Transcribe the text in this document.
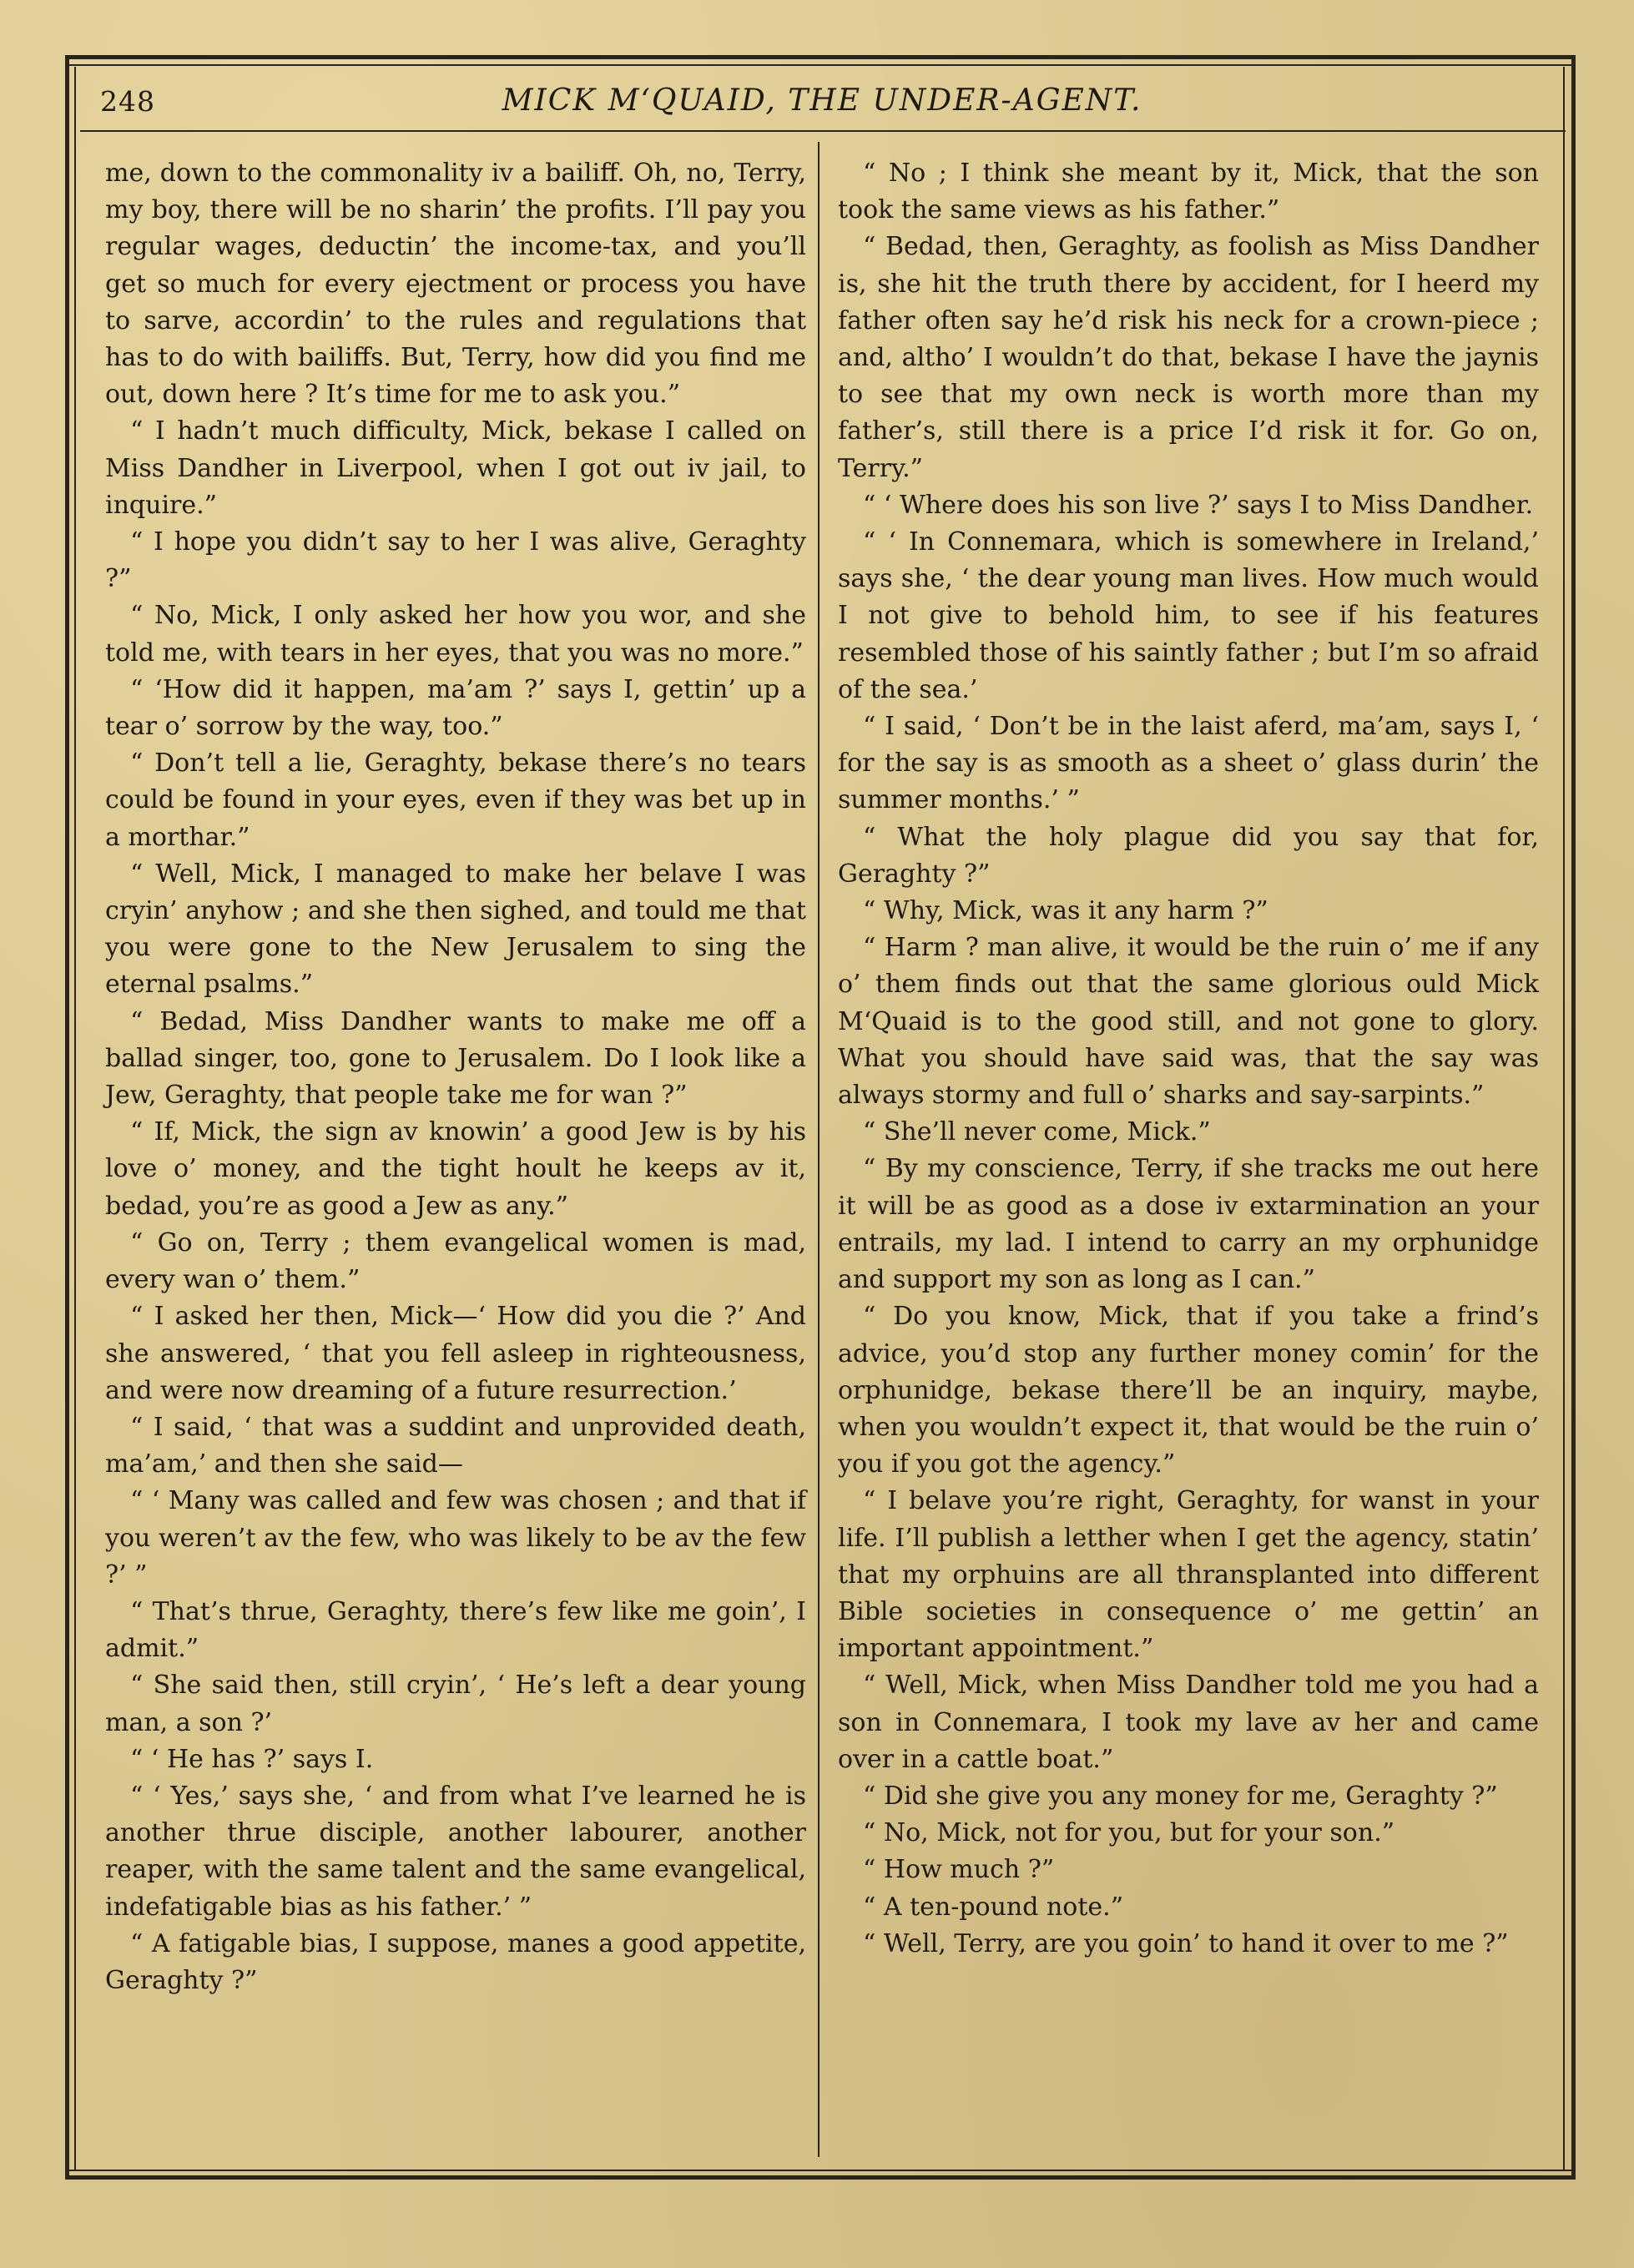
248	MICK M‘QUAID, THE UNDER-AGENT.

me, down to the commonality iv a bailiff. Oh, no, Terry, my boy, there will be no sharin’ the profits. I’ll pay you regular wages, deductin’ the income-tax, and you’ll get so much for every ejectment or process you have to sarve, accordin’ to the rules and regulations that has to do with bailiffs. But, Terry, how did you find me out, down here ? It’s time for me to ask you.”

“ I hadn’t much difficulty, Mick, bekase I called on Miss Dandher in Liverpool, when I got out iv jail, to inquire.”

“ I hope you didn’t say to her I was alive, Geraghty ?”

“ No, Mick, I only asked her how you wor, and she told me, with tears in her eyes, that you was no more.”

“ ‘How did it happen, ma’am ?’ says I, gettin’ up a tear o’ sorrow by the way, too.”

“ Don’t tell a lie, Geraghty, bekase there’s no tears could be found in your eyes, even if they was bet up in a morthar.”

“ Well, Mick, I managed to make her belave I was cryin’ anyhow ; and she then sighed, and tould me that you were gone to the New Jerusalem to sing the eternal psalms.”

“ Bedad, Miss Dandher wants to make me off a ballad singer, too, gone to Jerusalem. Do I look like a Jew, Geraghty, that people take me for wan ?”

“ If, Mick, the sign av knowin’ a good Jew is by his love o’ money, and the tight hoult he keeps av it, bedad, you’re as good a Jew as any.”

“ Go on, Terry ; them evangelical women is mad, every wan o’ them.”

“ I asked her then, Mick—‘ How did you die ?’ And she answered, ‘ that you fell asleep in righteousness, and were now dreaming of a future resurrection.’

“ I said, ‘ that was a suddint and unprovided death, ma’am,’ and then she said—

“ ‘ Many was called and few was chosen ; and that if you weren’t av the few, who was likely to be av the few ?’ ”

“ That’s thrue, Geraghty, there’s few like me goin’, I admit.”

“ She said then, still cryin’, ‘ He’s left a dear young man, a son ?’

“ ‘ He has ?’ says I.

“ ‘ Yes,’ says she, ‘ and from what I’ve learned he is another thrue disciple, another labourer, another reaper, with the same talent and the same evangelical, indefatigable bias as his father.’ ”

“ A fatigable bias, I suppose, manes a good appetite, Geraghty ?”

“ No ; I think she meant by it, Mick, that the son took the same views as his father.”

“ Bedad, then, Geraghty, as foolish as Miss Dandher is, she hit the truth there by accident, for I heerd my father often say he’d risk his neck for a crown-piece ; and, altho’ I wouldn’t do that, bekase I have the jaynis to see that my own neck is worth more than my father’s, still there is a price I’d risk it for. Go on, Terry.”

“ ‘ Where does his son live ?’ says I to Miss Dandher.

“ ‘ In Connemara, which is somewhere in Ireland,’ says she, ‘ the dear young man lives. How much would I not give to behold him, to see if his features resembled those of his saintly father ; but I’m so afraid of the sea.’

“ I said, ‘ Don’t be in the laist aferd, ma’am, says I, ‘ for the say is as smooth as a sheet o’ glass durin’ the summer months.’ ”

“ What the holy plague did you say that for, Geraghty ?”

“ Why, Mick, was it any harm ?”

“ Harm ? man alive, it would be the ruin o’ me if any o’ them finds out that the same glorious ould Mick M‘Quaid is to the good still, and not gone to glory. What you should have said was, that the say was always stormy and full o’ sharks and say-sarpints.”

“ She’ll never come, Mick.”

“ By my conscience, Terry, if she tracks me out here it will be as good as a dose iv extarmination an your entrails, my lad. I intend to carry an my orphunidge and support my son as long as I can.”

“ Do you know, Mick, that if you take a frind’s advice, you’d stop any further money comin’ for the orphunidge, bekase there’ll be an inquiry, maybe, when you wouldn’t expect it, that would be the ruin o’ you if you got the agency.”

“ I belave you’re right, Geraghty, for wanst in your life. I’ll publish a letther when I get the agency, statin’ that my orphuins are all thransplanted into different Bible societies in consequence o’ me gettin’ an important appointment.”

“ Well, Mick, when Miss Dandher told me you had a son in Connemara, I took my lave av her and came over in a cattle boat.”

“ Did she give you any money for me, Geraghty ?”

“ No, Mick, not for you, but for your son.”

“ How much ?”

“ A ten-pound note.”

“ Well, Terry, are you goin’ to hand it over to me ?”
